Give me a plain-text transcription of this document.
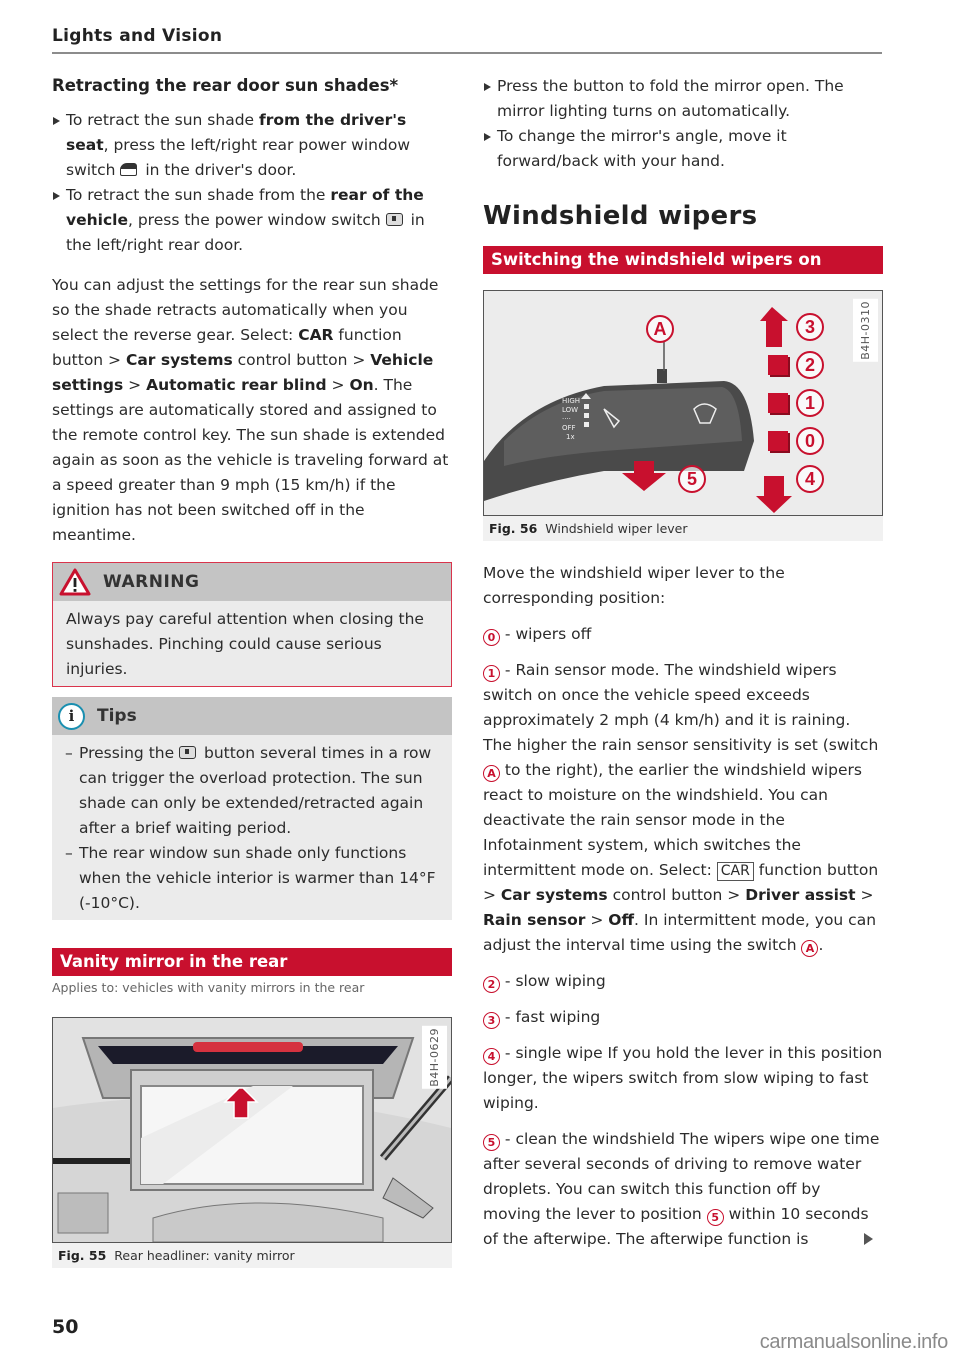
Lights and Vision
Retracting the rear door sun shades*
To retract the sun shade from the driver's seat, press the left/right rear power window switch  in the driver's door.
To retract the sun shade from the rear of the vehicle, press the power window switch  in the left/right rear door.

You can adjust the settings for the rear sun shade so the shade retracts automatically when you select the reverse gear. Select: CAR function button > Car systems control button > Vehicle settings > Automatic rear blind > On. The settings are automatically stored and assigned to the remote control key. The sun shade is extended again as soon as the vehicle is traveling forward at a speed greater than 9 mph (15 km/h) if the ignition has not been switched off in the meantime.

WARNING
Always pay careful attention when closing the sunshades. Pinching could cause serious injuries.
i	Tips
– Pressing the  button several times in a row can trigger the overload protection. The sun shade can only be extended/retracted again after a brief waiting period.
– The rear window sun shade only functions when the vehicle interior is warmer than 14°F (-10°C).
Vanity mirror in the rear
Applies to: vehicles with vanity mirrors in the rear
B4H-0629
Fig. 55 Rear headliner: vanity mirror
Press the button to fold the mirror open. The mirror lighting turns on automatically.
To change the mirror's angle, move it forward/back with your hand.
Windshield wipers
Switching the windshield wipers on
HIGH
LOW
····
OFF
1x
A	3
2
1
0
4
5
B4H-0310
Fig. 56 Windshield wiper lever

Move the windshield wiper lever to the corresponding position:

0 - wipers off

1 - Rain sensor mode. The windshield wipers switch on once the vehicle speed exceeds approximately 2 mph (4 km/h) and it is raining. The higher the rain sensor sensitivity is set (switch A to the right), the earlier the windshield wipers react to moisture on the windshield. You can deactivate the rain sensor mode in the Infotainment system, which switches the intermittent mode on. Select: CAR function button > Car systems control button > Driver assist > Rain sensor > Off. In intermittent mode, you can adjust the interval time using the switch A .

2 - slow wiping

3 - fast wiping

4 - single wipe If you hold the lever in this position longer, the wipers switch from slow wiping to fast wiping.

5 - clean the windshield The wipers wipe one time after several seconds of driving to remove water droplets. You can switch this function off by moving the lever to position 5 within 10 seconds of the afterwipe. The afterwipe function is

50
carmanualsonline.info
